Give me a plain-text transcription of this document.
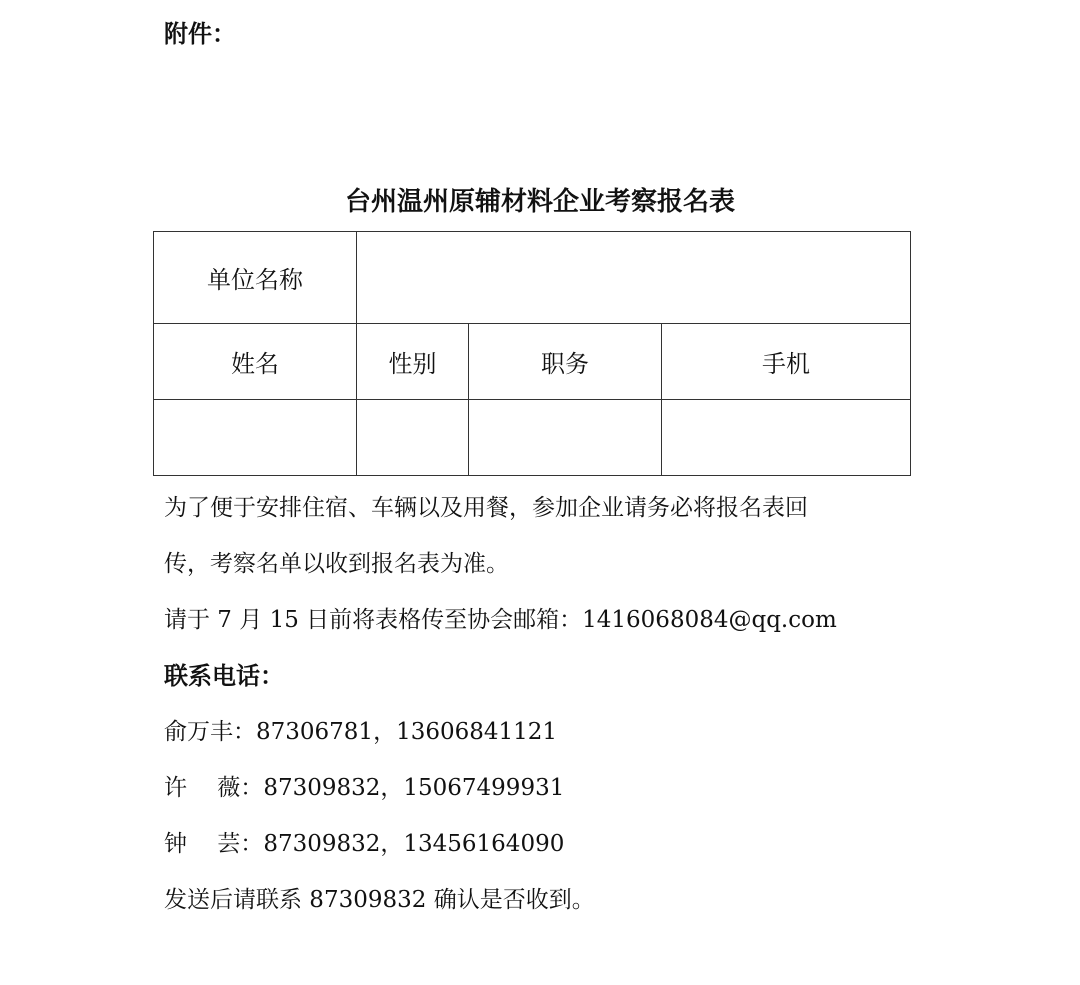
附件：
台州温州原辅材料企业考察报名表
单位名称			
姓名	性别	职务	手机

为了便于安排住宿、车辆以及用餐，参加企业请务必将报名表回
传，考察名单以收到报名表为准。
请于 7 月 15 日前将表格传至协会邮箱：1416068084@qq.com
联系电话：
俞万丰：87306781，13606841121
许　 薇：87309832，15067499931
钟　 芸：87309832，13456164090
发送后请联系 87309832 确认是否收到。
